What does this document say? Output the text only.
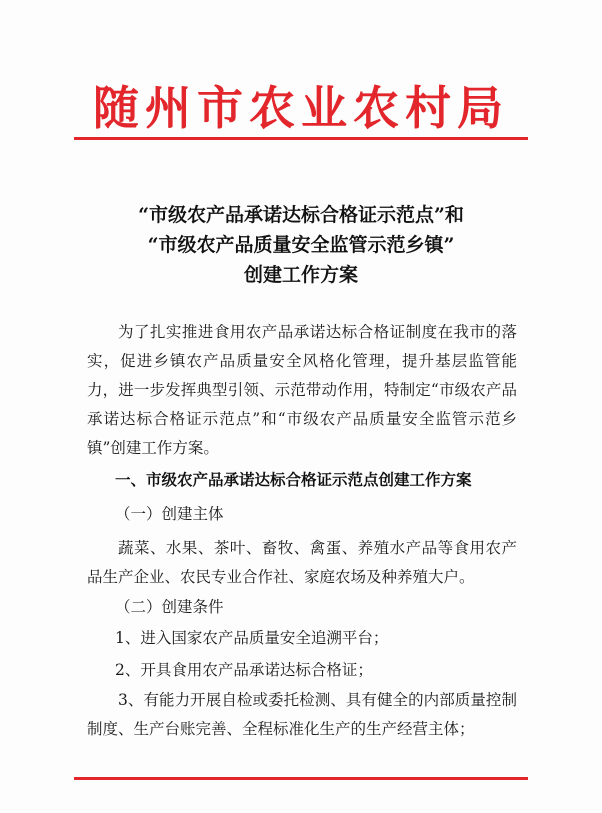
随州市农业农村局
“市级农产品承诺达标合格证示范点”和
“市级农产品质量安全监管示范乡镇”
创建工作方案

为了扎实推进食用农产品承诺达标合格证制度在我市的落实，促进乡镇农产品质量安全风格化管理，提升基层监管能力，进一步发挥典型引领、示范带动作用，特制定“市级农产品承诺达标合格证示范点”和“市级农产品质量安全监管示范乡镇”创建工作方案。

一、市级农产品承诺达标合格证示范点创建工作方案
（一）创建主体

蔬菜、水果、茶叶、畜牧、禽蛋、养殖水产品等食用农产品生产企业、农民专业合作社、家庭农场及种养殖大户。

（二）创建条件
1、进入国家农产品质量安全追溯平台；
2、开具食用农产品承诺达标合格证；

3、有能力开展自检或委托检测、具有健全的内部质量控制制度、生产台账完善、全程标准化生产的生产经营主体；
